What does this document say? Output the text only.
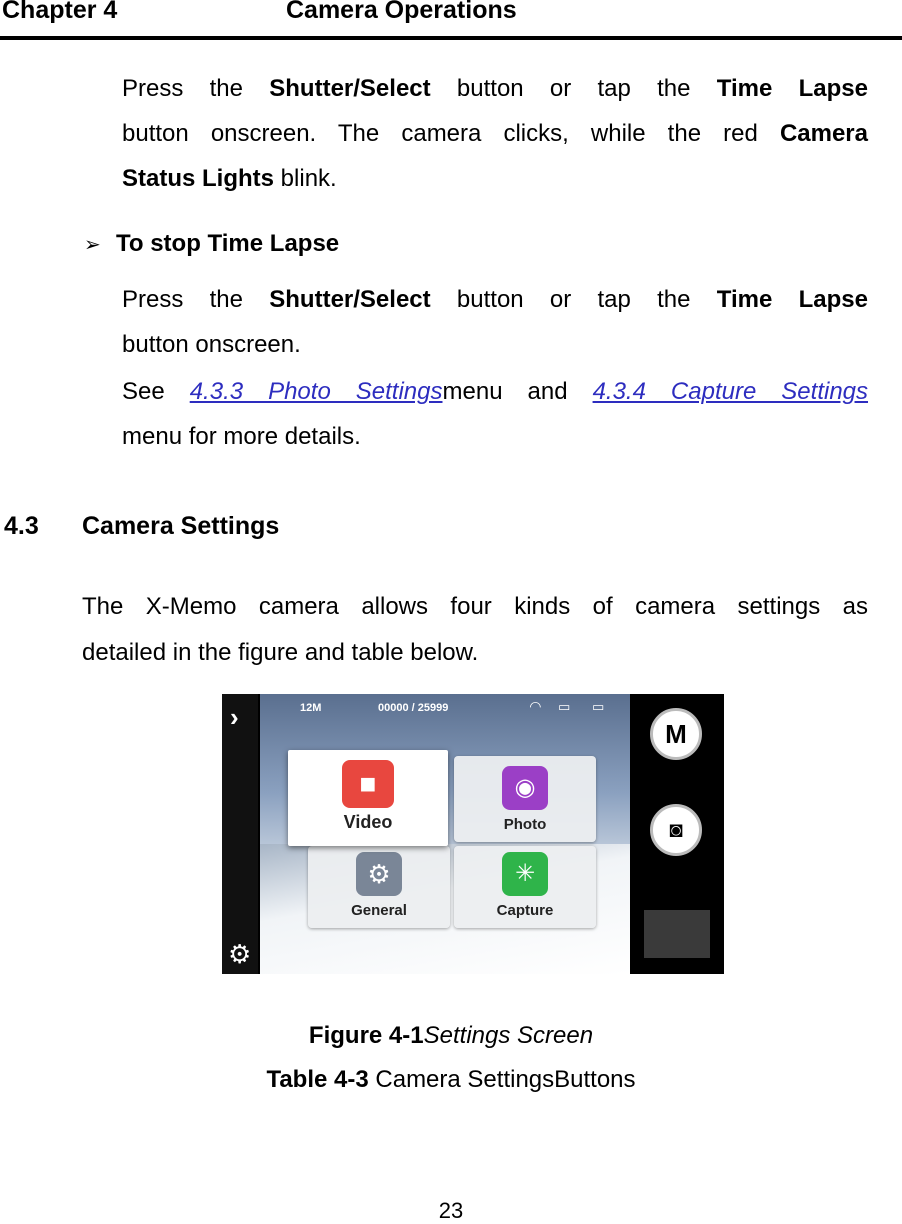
Chapter 4	Camera Operations
Press the Shutter/Select button or tap the Time Lapse
button onscreen. The camera clicks, while the red Camera
Status Lights blink.
➢ To stop Time Lapse
Press the Shutter/Select button or tap the Time Lapse
button onscreen.
See 4.3.3 Photo Settingsmenu and 4.3.4 Capture Settings
menu for more details.
4.3 Camera Settings
The X-Memo camera allows four kinds of camera settings as
detailed in the figure and table below.
›
⚙
12M	00000 / 25999	◠ ▭ ▭
◉
Photo
⚙
General
✳
Capture
■
Video
M
◙
Figure 4-1Settings Screen
Table 4-3 Camera SettingsButtons
23
